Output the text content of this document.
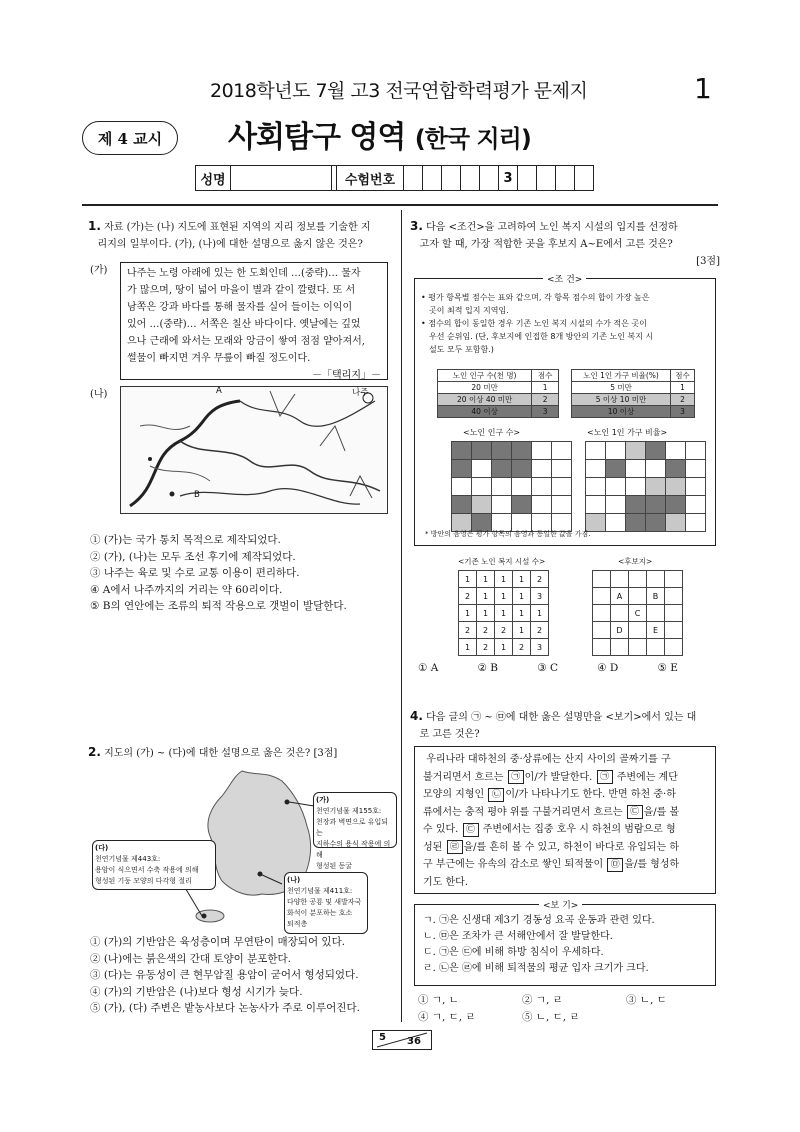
2018학년도 7월 고3 전국연합학력평가 문제지	1
제 4 교시	사회탐구 영역 (한국 지리)
성명	수험번호	3
1. 자료 (가)는 (나) 지도에 표현된 지역의 지리 정보를 기술한 지
리지의 일부이다. (가), (나)에 대한 설명으로 옳지 않은 것은?
(가) 나주는 노령 아래에 있는 한 도회인데 …(중략)… 물자
가 많으며, 땅이 넓어 마을이 별과 같이 깔렸다. 또 서
남쪽은 강과 바다를 통해 물자를 실어 들이는 이익이
있어 …(중략)… 서쪽은 칠산 바다이다. 옛날에는 깊었
으나 근래에 와서는 모래와 앙금이 쌓여 점점 얕아져서,
썰물이 빠지면 겨우 무릎이 빠질 정도이다.
－「택리지」－
(나)	A
B
나주
① (가)는 국가 통치 목적으로 제작되었다.
② (가), (나)는 모두 조선 후기에 제작되었다.
③ 나주는 육로 및 수로 교통 이용이 편리하다.
④ A에서 나주까지의 거리는 약 60리이다.
⑤ B의 연안에는 조류의 퇴적 작용으로 갯벌이 발달한다.
2. 지도의 (가) ~ (다)에 대한 설명으로 옳은 것은? [3점]
(가)
천연기념물 제155호:
천장과 벽면으로 유입되는
지하수의 용식 작용에 의해
형성된 동굴
(다)
천연기념물 제443호:
용암이 식으면서 수축 작용에 의해
형성된 기둥 모양의 다각형 절리	(나)
천연기념물 제411호:
다양한 공룡 및 새발자국
화석이 분포하는 호소
퇴적층
① (가)의 기반암은 육성층이며 무연탄이 매장되어 있다.
② (나)에는 붉은색의 간대 토양이 분포한다.
③ (다)는 유동성이 큰 현무암질 용암이 굳어서 형성되었다.
④ (가)의 기반암은 (나)보다 형성 시기가 늦다.
⑤ (가), (다) 주변은 밭농사보다 논농사가 주로 이루어진다.
3. 다음 <조건>을 고려하여 노인 복지 시설의 입지를 선정하
고자 할 때, 가장 적합한 곳을 후보지 A~E에서 고른 것은?
[3점]
<조 건>
• 평가 항목별 점수는 표와 같으며, 각 항목 점수의 합이 가장 높은
곳이 최적 입지 지역임.
• 점수의 합이 동일한 경우 기존 노인 복지 시설의 수가 적은 곳이
우선 순위임. (단, 후보지에 인접한 8개 방안의 기존 노인 복지 시
설도 모두 포함함.)
노인 인구 수(천 명)	점수
20 미만	1
20 이상 40 미만	2
40 이상	3
노인 1인 가구 비율(%)	점수
5 미만	1
5 이상 10 미만	2
10 이상	3
<노인 인구 수>	<노인 1인 가구 비율>

* 방안의 음영은 평가 항목의 음영과 동일한 값을 가짐.
<기존 노인 복지 시설 수>	<후보지>
1	1	1	1	2
2	1	1	1	3
1	1	1	1	1
2	2	2	1	2
1	2	1	2	3

	A		B	
		C		
	D		E	

① A	② B	③ C	④ D	⑤ E
4. 다음 글의 ㉠ ~ ㉤에 대한 옳은 설명만을 <보기>에서 있는 대
로 고른 것은?
우리나라 대하천의 중·상류에는 산지 사이의 골짜기를 구
불거리면서 흐르는 ㉠ 이/가 발달한다. ㉠ 주변에는 계단
모양의 지형인 ㉡ 이/가 나타나기도 한다. 반면 하천 중·하
류에서는 충적 평야 위를 구불거리면서 흐르는 ㉢ 을/를 볼
수 있다. ㉢ 주변에서는 집중 호우 시 하천의 범람으로 형
성된 ㉣ 을/를 흔히 볼 수 있고, 하천이 바다로 유입되는 하
구 부근에는 유속의 감소로 쌓인 퇴적물이 ㉤ 을/를 형성하
기도 한다.
<보 기>
ㄱ. ㉠은 신생대 제3기 경동성 요곡 운동과 관련 있다.
ㄴ. ㉤은 조차가 큰 서해안에서 잘 발달한다.
ㄷ. ㉠은 ㉢에 비해 하방 침식이 우세하다.
ㄹ. ㉡은 ㉣에 비해 퇴적물의 평균 입자 크기가 크다.
① ㄱ, ㄴ	② ㄱ, ㄹ	③ ㄴ, ㄷ
④ ㄱ, ㄷ, ㄹ	⑤ ㄴ, ㄷ, ㄹ
5 36
